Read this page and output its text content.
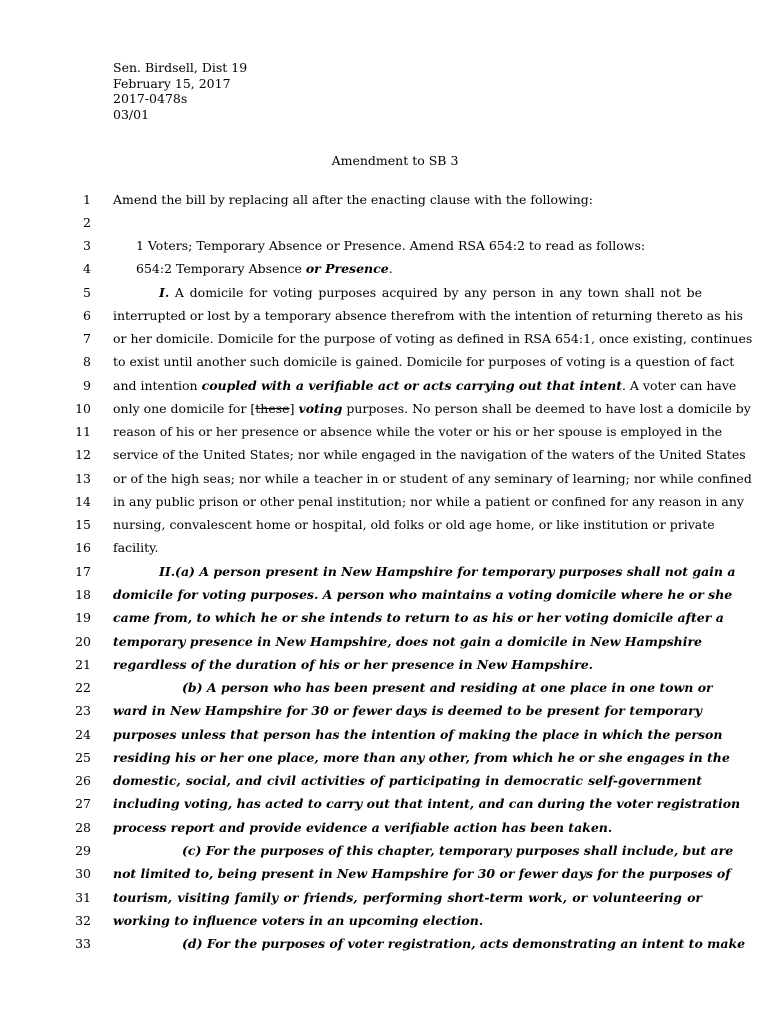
Sen. Birdsell, Dist 19
February 15, 2017
2017-0478s
03/01
Amendment to SB 3
1 Amend the bill by replacing all after the enacting clause with the following:
2
3	1 Voters; Temporary Absence or Presence. Amend RSA 654:2 to read as follows:
4	654:2 Temporary Absence or Presence.
5	I. A domicile for voting purposes acquired by any person in any town shall not be
6 interrupted or lost by a temporary absence therefrom with the intention of returning thereto as his
7 or her domicile. Domicile for the purpose of voting as defined in RSA 654:1, once existing, continues
8 to exist until another such domicile is gained. Domicile for purposes of voting is a question of fact
9 and intention coupled with a verifiable act or acts carrying out that intent. A voter can have
10 only one domicile for [these] voting purposes. No person shall be deemed to have lost a domicile by
11 reason of his or her presence or absence while the voter or his or her spouse is employed in the
12 service of the United States; nor while engaged in the navigation of the waters of the United States
13 or of the high seas; nor while a teacher in or student of any seminary of learning; nor while confined
14 in any public prison or other penal institution; nor while a patient or confined for any reason in any
15 nursing, convalescent home or hospital, old folks or old age home, or like institution or private
16 facility.
17	II.(a) A person present in New Hampshire for temporary purposes shall not gain a
18 domicile for voting purposes. A person who maintains a voting domicile where he or she
19 came from, to which he or she intends to return to as his or her voting domicile after a
20 temporary presence in New Hampshire, does not gain a domicile in New Hampshire
21 regardless of the duration of his or her presence in New Hampshire.
22	(b) A person who has been present and residing at one place in one town or
23 ward in New Hampshire for 30 or fewer days is deemed to be present for temporary
24 purposes unless that person has the intention of making the place in which the person
25 residing his or her one place, more than any other, from which he or she engages in the
26 domestic, social, and civil activities of participating in democratic self-government
27 including voting, has acted to carry out that intent, and can during the voter registration
28 process report and provide evidence a verifiable action has been taken.
29	(c) For the purposes of this chapter, temporary purposes shall include, but are
30 not limited to, being present in New Hampshire for 30 or fewer days for the purposes of
31 tourism, visiting family or friends, performing short-term work, or volunteering or
32 working to influence voters in an upcoming election.
33	(d) For the purposes of voter registration, acts demonstrating an intent to make
